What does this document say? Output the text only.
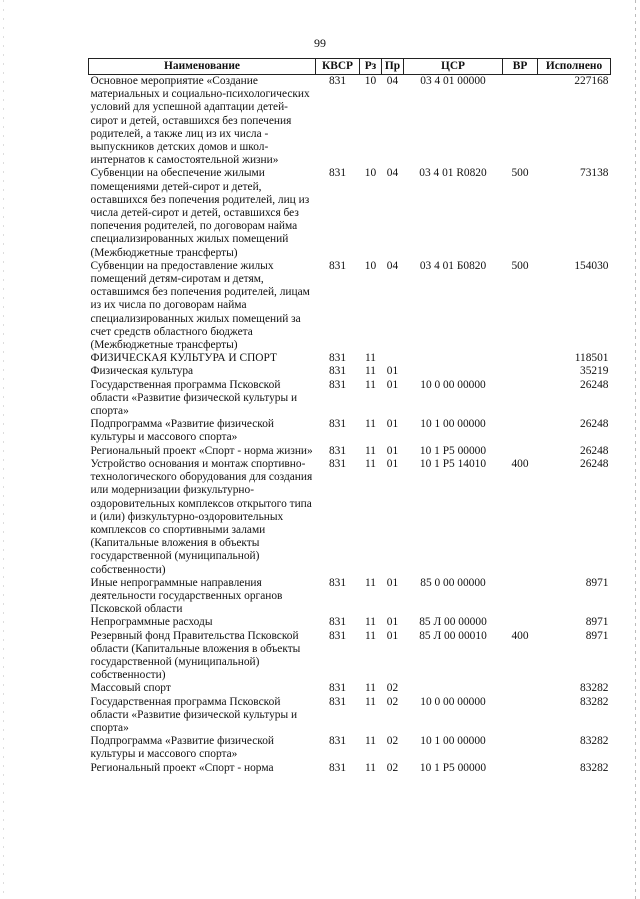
99
Наименование	КВСР	Рз	Пр	ЦСР	ВР	Исполнено
Основное мероприятие «Создание материальных и социально-психологических условий для успешной адаптации детей-сирот и детей, оставшихся без попечения родителей, а также лиц из их числа - выпускников детских домов и школ-интернатов к самостоятельной жизни»	831	10	04	03 4 01 00000		227168
Субвенции на обеспечение жилыми помещениями детей-сирот и детей, оставшихся без попечения родителей, лиц из числа детей-сирот и детей, оставшихся без попечения родителей, по договорам найма специализированных жилых помещений (Межбюджетные трансферты)	831	10	04	03 4 01 R0820	500	73138
Субвенции на предоставление жилых помещений детям-сиротам и детям, оставшимся без попечения родителей, лицам из их числа по договорам найма специализированных жилых помещений за счет средств областного бюджета (Межбюджетные трансферты)	831	10	04	03 4 01 Б0820	500	154030
ФИЗИЧЕСКАЯ КУЛЬТУРА И СПОРТ	831	11				118501
Физическая культура	831	11	01			35219
Государственная программа Псковской области «Развитие физической культуры и спорта»	831	11	01	10 0 00 00000		26248
Подпрограмма «Развитие физической культуры и массового спорта»	831	11	01	10 1 00 00000		26248
Региональный проект «Спорт - норма жизни»	831	11	01	10 1 P5 00000		26248
Устройство основания и монтаж спортивно-технологического оборудования для создания или модернизации физкультурно-оздоровительных комплексов открытого типа и (или) физкультурно-оздоровительных комплексов со спортивными залами (Капитальные вложения в объекты государственной (муниципальной) собственности)	831	11	01	10 1 P5 14010	400	26248
Иные непрограммные направления деятельности государственных органов Псковской области	831	11	01	85 0 00 00000		8971
Непрограммные расходы	831	11	01	85 Л 00 00000		8971
Резервный фонд Правительства Псковской области (Капитальные вложения в объекты государственной (муниципальной) собственности)	831	11	01	85 Л 00 00010	400	8971
Массовый спорт	831	11	02			83282
Государственная программа Псковской области «Развитие физической культуры и спорта»	831	11	02	10 0 00 00000		83282
Подпрограмма «Развитие физической культуры и массового спорта»	831	11	02	10 1 00 00000		83282
Региональный проект «Спорт - норма	831	11	02	10 1 P5 00000		83282
